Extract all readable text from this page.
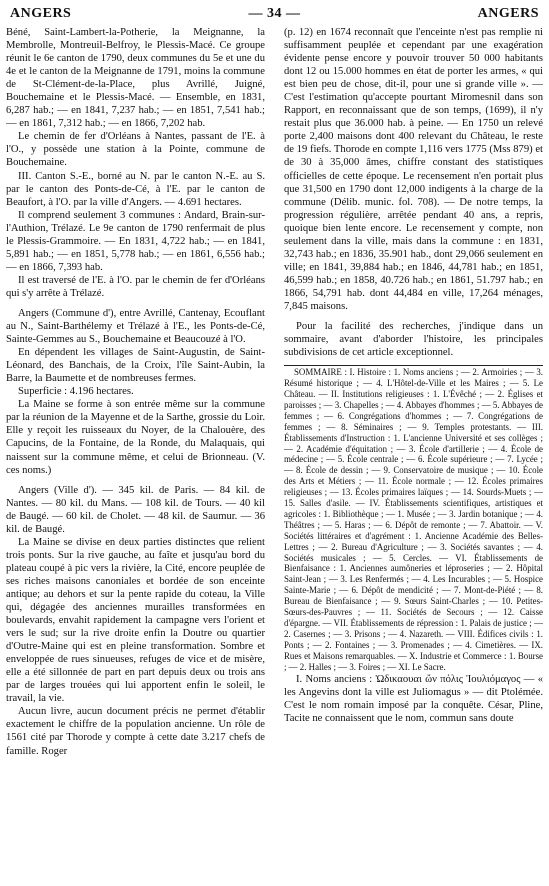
ANGERS	— 34 —	ANGERS

Béné, Saint-Lambert-la-Potherie, la Meignanne, la Membrolle, Montreuil-Belfroy, le Plessis-Macé. Ce groupe réunit le 6e canton de 1790, deux communes du 5e et une du 4e et le canton de la Meignanne de 1791, moins la commune de St-Clément-de-la-Place, plus Avrillé, Juigné, Bouchemaine et le Plessis-Macé. — Ensemble, en 1831, 6,287 hab.; — en 1841, 7,237 hab.; — en 1851, 7,541 hab.; — en 1861, 7,312 hab.; — en 1866, 7,202 hab.

Le chemin de fer d'Orléans à Nantes, passant de l'E. à l'O., y possède une station à la Pointe, commune de Bouchemaine.

III. Canton S.-E., borné au N. par le canton N.-E. au S. par le canton des Ponts-de-Cé, à l'E. par le canton de Beaufort, à l'O. par la ville d'Angers. — 4.691 hectares.

Il comprend seulement 3 communes : Andard, Brain-sur-l'Authion, Trélazé. Le 9e canton de 1790 renfermait de plus le Plessis-Grammoire. — En 1831, 4,722 hab.; — en 1841, 5,891 hab.; — en 1851, 5,778 hab.; — en 1861, 6,556 hab.; — en 1866, 7,393 hab.

Il est traversé de l'E. à l'O. par le chemin de fer d'Orléans qui s'y arrête à Trélazé.

Angers (Commune d'), entre Avrillé, Cantenay, Ecouflant au N., Saint-Barthélemy et Trélazé à l'E., les Ponts-de-Cé, Sainte-Gemmes au S., Bouchemaine et Beaucouzé à l'O.

En dépendent les villages de Saint-Augustin, de Saint-Léonard, des Banchais, de la Croix, l'île Saint-Aubin, la Barre, la Baumette et de nombreuses fermes.

Superficie : 4.196 hectares.

La Maine se forme à son entrée même sur la commune par la réunion de la Mayenne et de la Sarthe, grossie du Loir. Elle y reçoit les ruisseaux du Noyer, de la Chalouère, des Capucins, de la Fontaine, de la Ronde, du Malaquais, qui naissent sur la commune même, et celui de Brionneau. (V. ces noms.)

Angers (Ville d'). — 345 kil. de Paris. — 84 kil. de Nantes. — 80 kil. du Mans. — 108 kil. de Tours. — 40 kil de Baugé. — 60 kil. de Cholet. — 48 kil. de Saumur. — 36 kil. de Baugé.

La Maine se divise en deux parties distinctes que relient trois ponts. Sur la rive gauche, au faîte et jusqu'au bord du plateau coupé à pic vers la rivière, la Cité, encore peuplée de ses riches maisons canoniales et bordée de son enceinte antique; au dehors et sur la pente rapide du coteau, la Ville qui, dégagée des anciennes murailles transformées en boulevards, envahit rapidement la campagne vers l'orient et vers le sud; sur la rive droite enfin la Doutre ou quartier d'Outre-Maine qui est en pleine transformation. Sombre et enveloppée de rues sinueuses, refuges de vice et de misère, elle a été sillonnée de part en part depuis deux ou trois ans par de larges trouées qui lui apportent enfin le soleil, le travail, la vie.

Aucun livre, aucun document précis ne permet d'établir exactement le chiffre de la population ancienne. Un rôle de 1561 cité par Thorode y compte à cette date 3.217 chefs de famille. Roger

(p. 12) en 1674 reconnaît que l'enceinte n'est pas remplie ni suffisamment peuplée et cependant par une exagération évidente pense encore y pouvoir trouver 50 000 habitants dont 12 ou 15.000 hommes en état de porter les armes, « qui est bien peu de chose, dit-il, pour une si grande ville ». — C'est l'estimation qu'accepte pourtant Miromesnil dans son Rapport, en reconnaissant que de son temps, (1699), il n'y restait plus que 36.000 hab. à peine. — En 1750 un relevé porte 2,400 maisons dont 400 relevant du Château, le reste de 19 fiefs. Thorode en compte 1,116 vers 1775 (Mss 879) et de 30 à 35,000 âmes, chiffre constant des statistiques officielles de cette époque. Le recensement n'en portait plus que 31,500 en 1790 dont 12,000 indigents à la charge de la commune (Délib. munic. fol. 708). — De notre temps, la progression régulière, arrêtée pendant 40 ans, a repris, quoique bien lente encore. Le recensement y compte, non seulement dans la ville, mais dans la commune : en 1831, 32,743 hab.; en 1836, 35.901 hab., dont 29,066 seulement en ville; en 1841, 39,884 hab.; en 1846, 44,781 hab.; en 1851, 46,599 hab.; en 1858, 40.726 hab.; en 1861, 51.797 hab.; en 1866, 54,791 hab. dont 44,484 en ville, 17,264 ménages, 7,845 maisons.

Pour la facilité des recherches, j'indique dans un sommaire, avant d'aborder l'histoire, les principales subdivisions de cet article exceptionnel.

SOMMAIRE : I. Histoire : 1. Noms anciens ; — 2. Armoiries ; — 3. Résumé historique ; — 4. L'Hôtel-de-Ville et les Maires ; — 5. Le Château. — II. Institutions religieuses : 1. L'Évêché ; — 2. Églises et paroisses ; — 3. Chapelles ; — 4. Abbayes d'hommes ; — 5. Abbayes de femmes ; — 6. Congrégations d'hommes ; — 7. Congrégations de femmes ; — 8. Séminaires ; — 9. Temples protestants. — III. Établissements d'Instruction : 1. L'ancienne Université et ses collèges ; — 2. Académie d'équitation ; — 3. École d'artillerie ; — 4. École de médecine ; — 5. École centrale ; — 6. École supérieure ; — 7. Lycée ; — 8. École de dessin ; — 9. Conservatoire de musique ; — 10. École des Arts et Métiers ; — 11. École normale ; — 12. Écoles primaires religieuses ; — 13. Écoles primaires laïques ; — 14. Sourds-Muets ; — 15. Salles d'asile. — IV. Établissements scientifiques, artistiques et agricoles : 1. Bibliothèque ; — 1. Musée ; — 3. Jardin botanique ; — 4. Théâtres ; — 5. Haras ; — 6. Dépôt de remonte ; — 7. Abattoir. — V. Sociétés littéraires et d'agrément : 1. Ancienne Académie des Belles-Lettres ; — 2. Bureau d'Agriculture ; — 3. Sociétés savantes ; — 4. Sociétés musicales ; — 5. Cercles. — VI. Établissements de Bienfaisance : 1. Anciennes aumôneries et léproseries ; — 2. Hôpital Saint-Jean ; — 3. Les Renfermés ; — 4. Les Incurables ; — 5. Hospice Sainte-Marie ; — 6. Dépôt de mendicité ; — 7. Mont-de-Piété ; — 8. Bureau de Bienfaisance ; — 9. Sœurs Saint-Charles ; — 10. Petites-Sœurs-des-Pauvres ; — 11. Sociétés de Secours ; — 12. Caisse d'épargne. — VII. Établissements de répression : 1. Palais de justice ; — 2. Casernes ; — 3. Prisons ; — 4. Nazareth. — VIII. Édifices civils : 1. Ponts ; — 2. Fontaines ; — 3. Promenades ; — 4. Cimetières. — IX. Rues et Maisons remarquables. — X. Industrie et Commerce : 1. Bourse ; — 2. Halles ; — 3. Foires ; — XI. Le Sacre.

I. Noms anciens : Ὠδικαουαι ὤν πόλις Ἰουλιόμαγος — « les Angevins dont la ville est Juliomagus » — dit Ptolémée. C'est le nom romain imposé par la conquête. César, Pline, Tacite ne connaissent que le nom, commun sans doute
